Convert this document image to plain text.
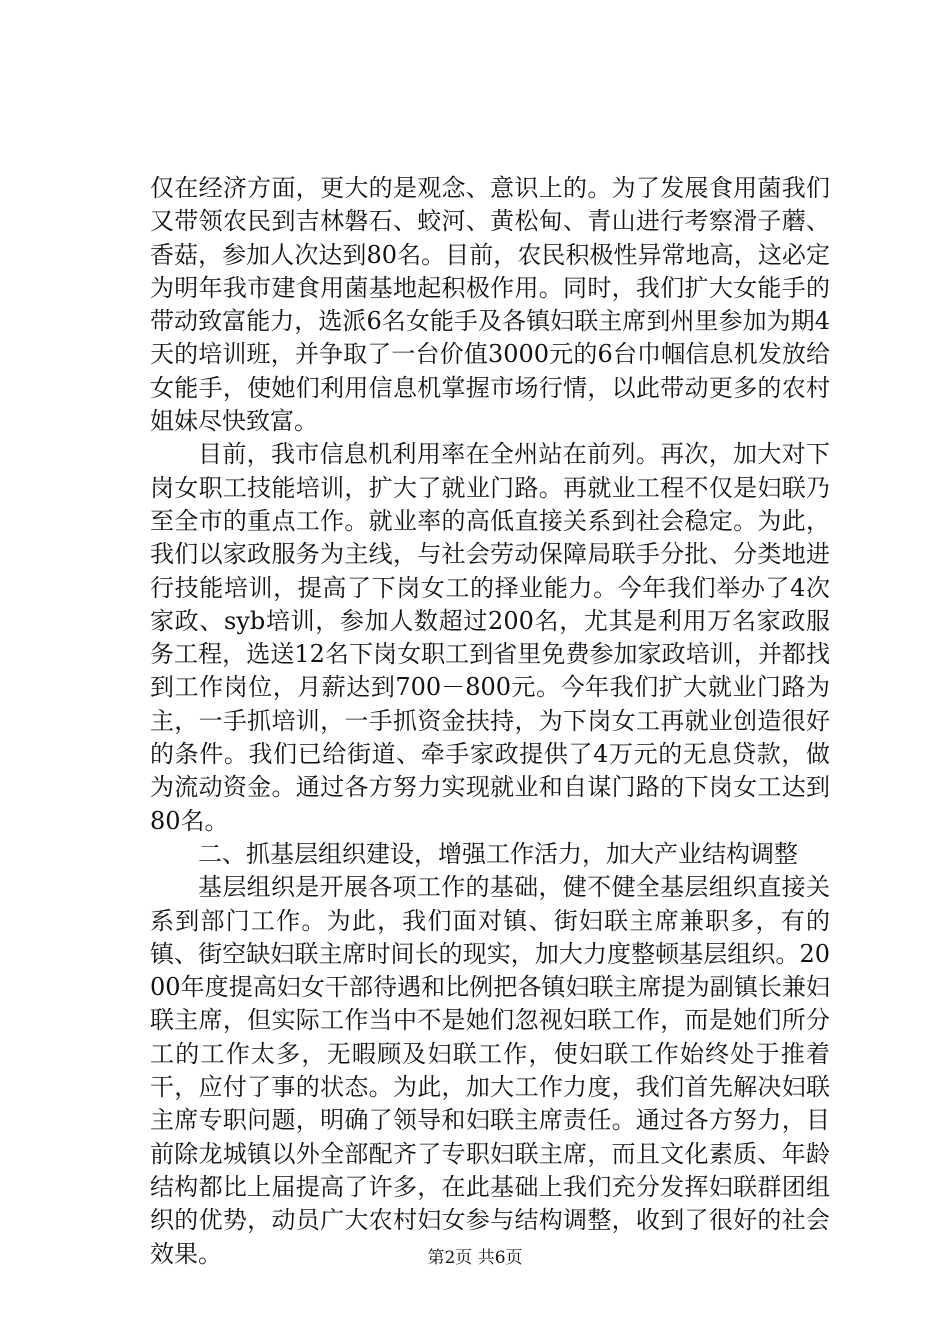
仅在经济方面，更大的是观念、意识上的。为了发展食用菌我们又带领农民到吉林磐石、蛟河、黄松甸、青山进行考察滑子蘑、香菇，参加人次达到80名。目前，农民积极性异常地高，这必定为明年我市建食用菌基地起积极作用。同时，我们扩大女能手的带动致富能力，选派6名女能手及各镇妇联主席到州里参加为期4天的培训班，并争取了一台价值3000元的6台巾帼信息机发放给女能手，使她们利用信息机掌握市场行情，以此带动更多的农村姐妹尽快致富。

目前，我市信息机利用率在全州站在前列。再次，加大对下岗女职工技能培训，扩大了就业门路。再就业工程不仅是妇联乃至全市的重点工作。就业率的高低直接关系到社会稳定。为此，我们以家政服务为主线，与社会劳动保障局联手分批、分类地进行技能培训，提高了下岗女工的择业能力。今年我们举办了4次家政、syb培训，参加人数超过200名，尤其是利用万名家政服务工程，选送12名下岗女职工到省里免费参加家政培训，并都找到工作岗位，月薪达到700－800元。今年我们扩大就业门路为主，一手抓培训，一手抓资金扶持，为下岗女工再就业创造很好的条件。我们已给街道、牵手家政提供了4万元的无息贷款，做为流动资金。通过各方努力实现就业和自谋门路的下岗女工达到80名。

二、抓基层组织建设，增强工作活力，加大产业结构调整

基层组织是开展各项工作的基础，健不健全基层组织直接关系到部门工作。为此，我们面对镇、街妇联主席兼职多，有的镇、街空缺妇联主席时间长的现实，加大力度整顿基层组织。2000年度提高妇女干部待遇和比例把各镇妇联主席提为副镇长兼妇联主席，但实际工作当中不是她们忽视妇联工作，而是她们所分工的工作太多，无暇顾及妇联工作，使妇联工作始终处于推着干，应付了事的状态。为此，加大工作力度，我们首先解决妇联主席专职问题，明确了领导和妇联主席责任。通过各方努力，目前除龙城镇以外全部配齐了专职妇联主席，而且文化素质、年龄结构都比上届提高了许多，在此基础上我们充分发挥妇联群团组织的优势，动员广大农村妇女参与结构调整，收到了很好的社会效果。	第2页 共6页
